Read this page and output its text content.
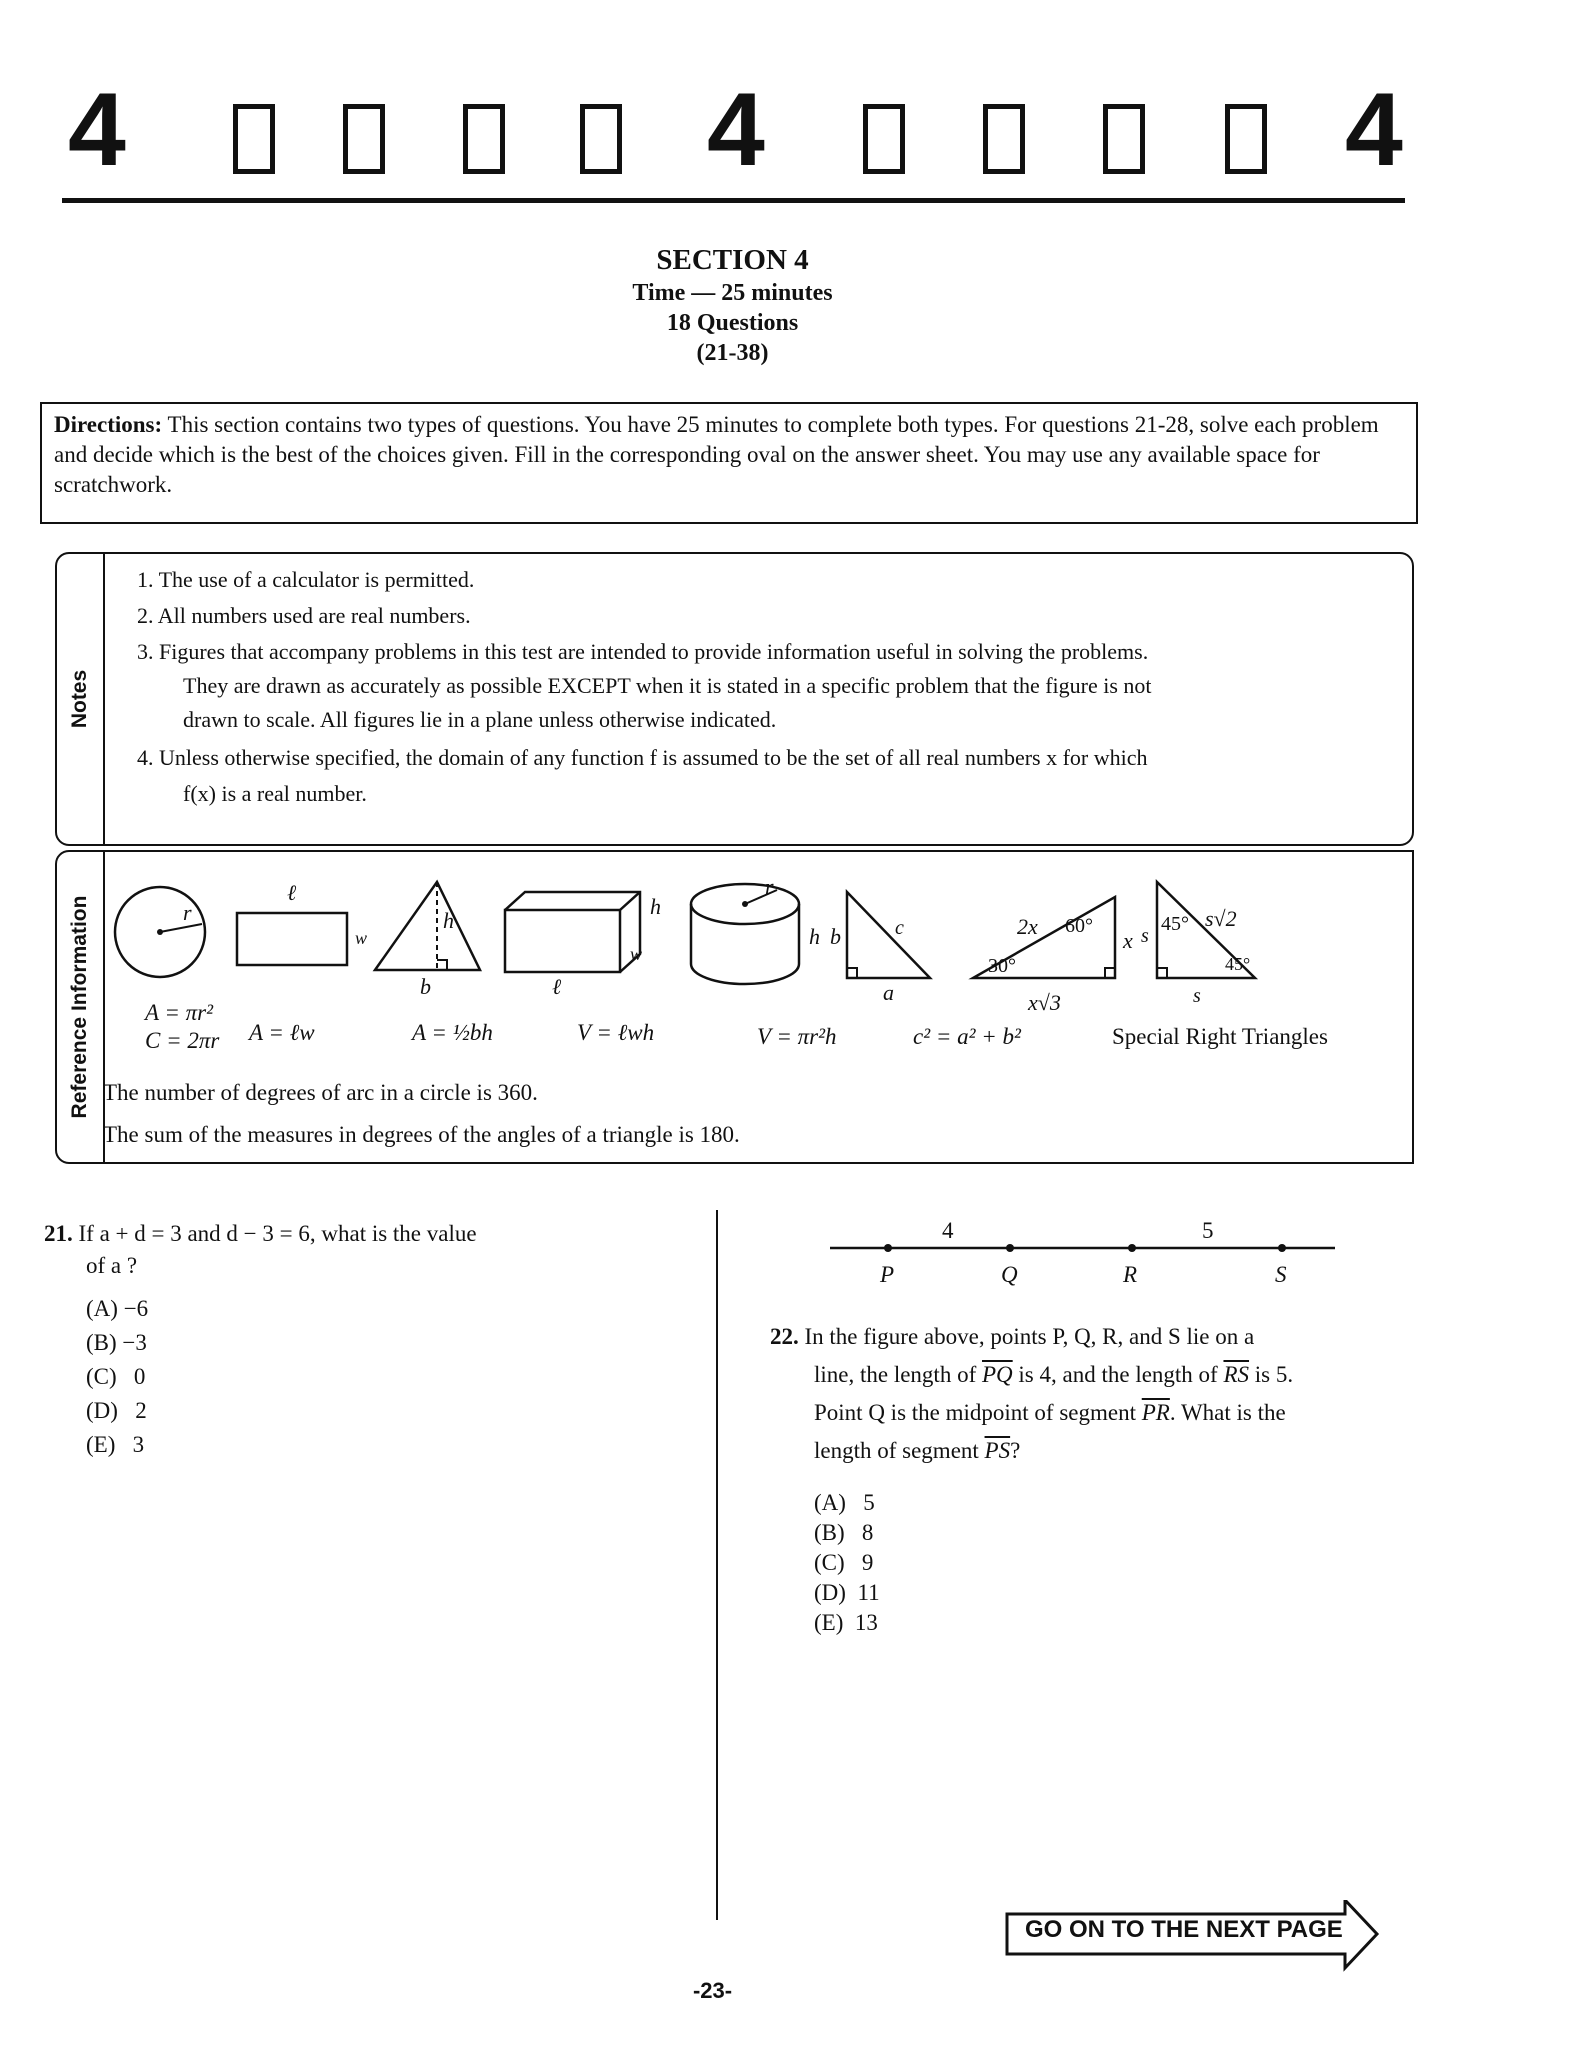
4	4	4
SECTION 4
Time — 25 minutes
18 Questions
(21-38)
Directions: This section contains two types of questions. You have 25 minutes to complete both types. For questions 21-28, solve each problem and decide which is the best of the choices given. Fill in the corresponding oval on the answer sheet. You may use any available space for scratchwork.
Notes
1. The use of a calculator is permitted.
2. All numbers used are real numbers.
3. Figures that accompany problems in this test are intended to provide information useful in solving the problems.
They are drawn as accurately as possible EXCEPT when it is stated in a specific problem that the figure is not
drawn to scale. All figures lie in a plane unless otherwise indicated.
4. Unless otherwise specified, the domain of any function f is assumed to be the set of all real numbers x for which
f(x) is a real number.
Reference Information	r
ℓ
w
h
b
h
w
ℓ
r
h b	c
a
2x 60°
x
30°
x√3
s
45° s√2
45°
s
A = πr²
C = 2πr A = ℓw	A = ½bh	V = ℓwh	V = πr²h	c² = a² + b²	Special Right Triangles
The number of degrees of arc in a circle is 360.
The sum of the measures in degrees of the angles of a triangle is 180.
21. If a + d = 3 and d − 3 = 6, what is the value
of a ?
(A) −6
(B) −3
(C) 0
(D) 2
(E) 3
4	5
P	Q	R	S
22. In the figure above, points P, Q, R, and S lie on a
line, the length of $\overline{PQ}$ is 4, and the length of $\overline{RS}$ is 5.
Point Q is the midpoint of segment $\overline{PR}$. What is the
length of segment $\overline{PS}$?
(A) 5
(B) 8
(C) 9
(D) 11
(E) 13
GO ON TO THE NEXT PAGE
-23-
